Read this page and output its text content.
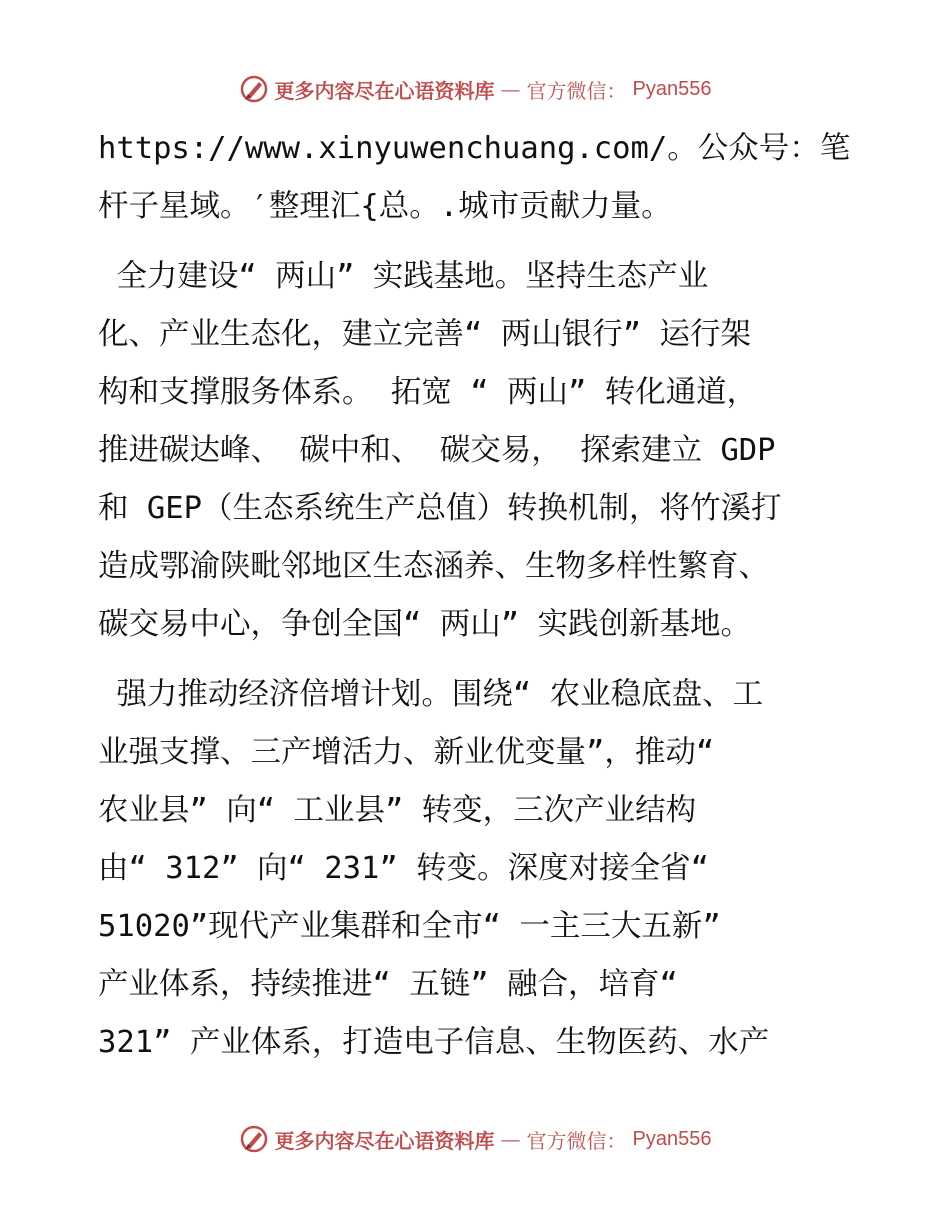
更多内容尽在心语资料库 — 官方微信： Pyan556
https://www.xinyuwenchuang.com/。公众号：笔
杆子星域。′整理汇{总。.城市贡献力量。
全力建设“ 两山” 实践基地。坚持生态产业
化、产业生态化，建立完善“ 两山银行” 运行架
构和支撑服务体系。 拓宽 “ 两山” 转化通道，
推进碳达峰、 碳中和、 碳交易， 探索建立 GDP
和 GEP（生态系统生产总值）转换机制，将竹溪打
造成鄂渝陕毗邻地区生态涵养、生物多样性繁育、
碳交易中心，争创全国“ 两山” 实践创新基地。
强力推动经济倍增计划。围绕“ 农业稳底盘、工
业强支撑、三产增活力、新业优变量”，推动“
农业县” 向“ 工业县” 转变，三次产业结构
由“ 312” 向“ 231” 转变。深度对接全省“
51020”现代产业集群和全市“ 一主三大五新”
产业体系，持续推进“ 五链” 融合，培育“
321” 产业体系，打造电子信息、生物医药、水产
更多内容尽在心语资料库 — 官方微信： Pyan556
